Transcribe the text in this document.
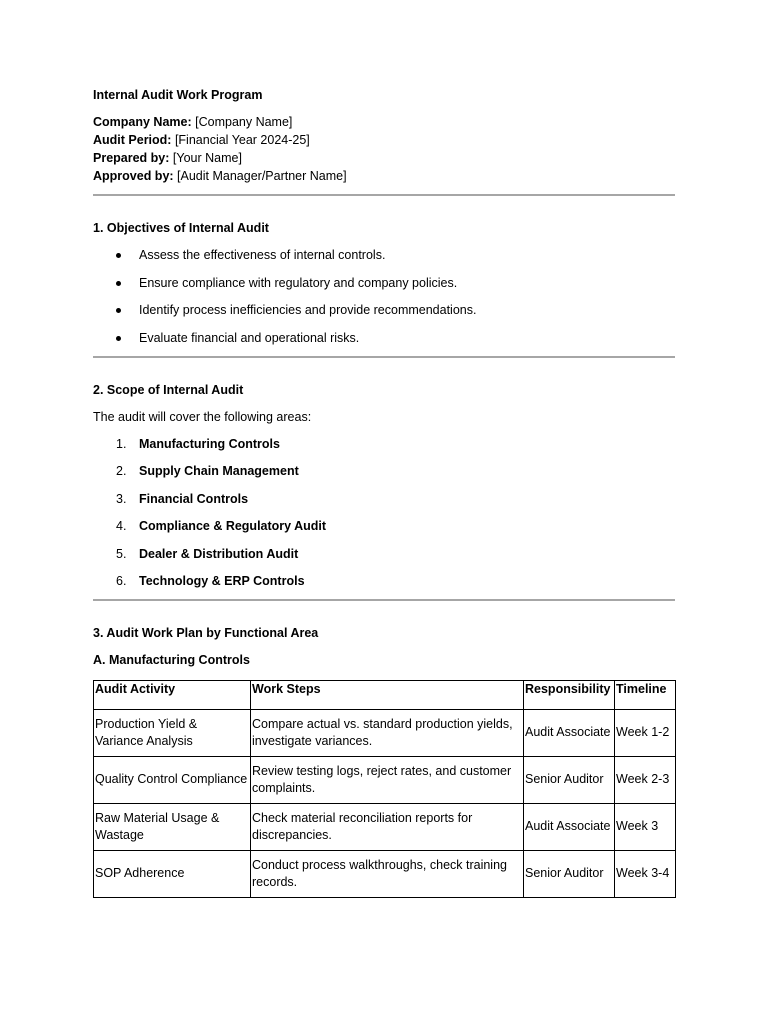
Internal Audit Work Program

Company Name: [Company Name]
Audit Period: [Financial Year 2024-25]
Prepared by: [Your Name]
Approved by: [Audit Manager/Partner Name]

1. Objectives of Internal Audit

Assess the effectiveness of internal controls.
Ensure compliance with regulatory and company policies.
Identify process inefficiencies and provide recommendations.
Evaluate financial and operational risks.

2. Scope of Internal Audit

The audit will cover the following areas:

1. Manufacturing Controls
2. Supply Chain Management
3. Financial Controls
4. Compliance & Regulatory Audit
5. Dealer & Distribution Audit
6. Technology & ERP Controls

3. Audit Work Plan by Functional Area

A. Manufacturing Controls

Audit Activity	Work Steps	Responsibility	Timeline
Production Yield & Variance Analysis	Compare actual vs. standard production yields, investigate variances.	Audit Associate	Week 1-2
Quality Control Compliance	Review testing logs, reject rates, and customer complaints.	Senior Auditor	Week 2-3
Raw Material Usage & Wastage	Check material reconciliation reports for discrepancies.	Audit Associate	Week 3
SOP Adherence	Conduct process walkthroughs, check training records.	Senior Auditor	Week 3-4
